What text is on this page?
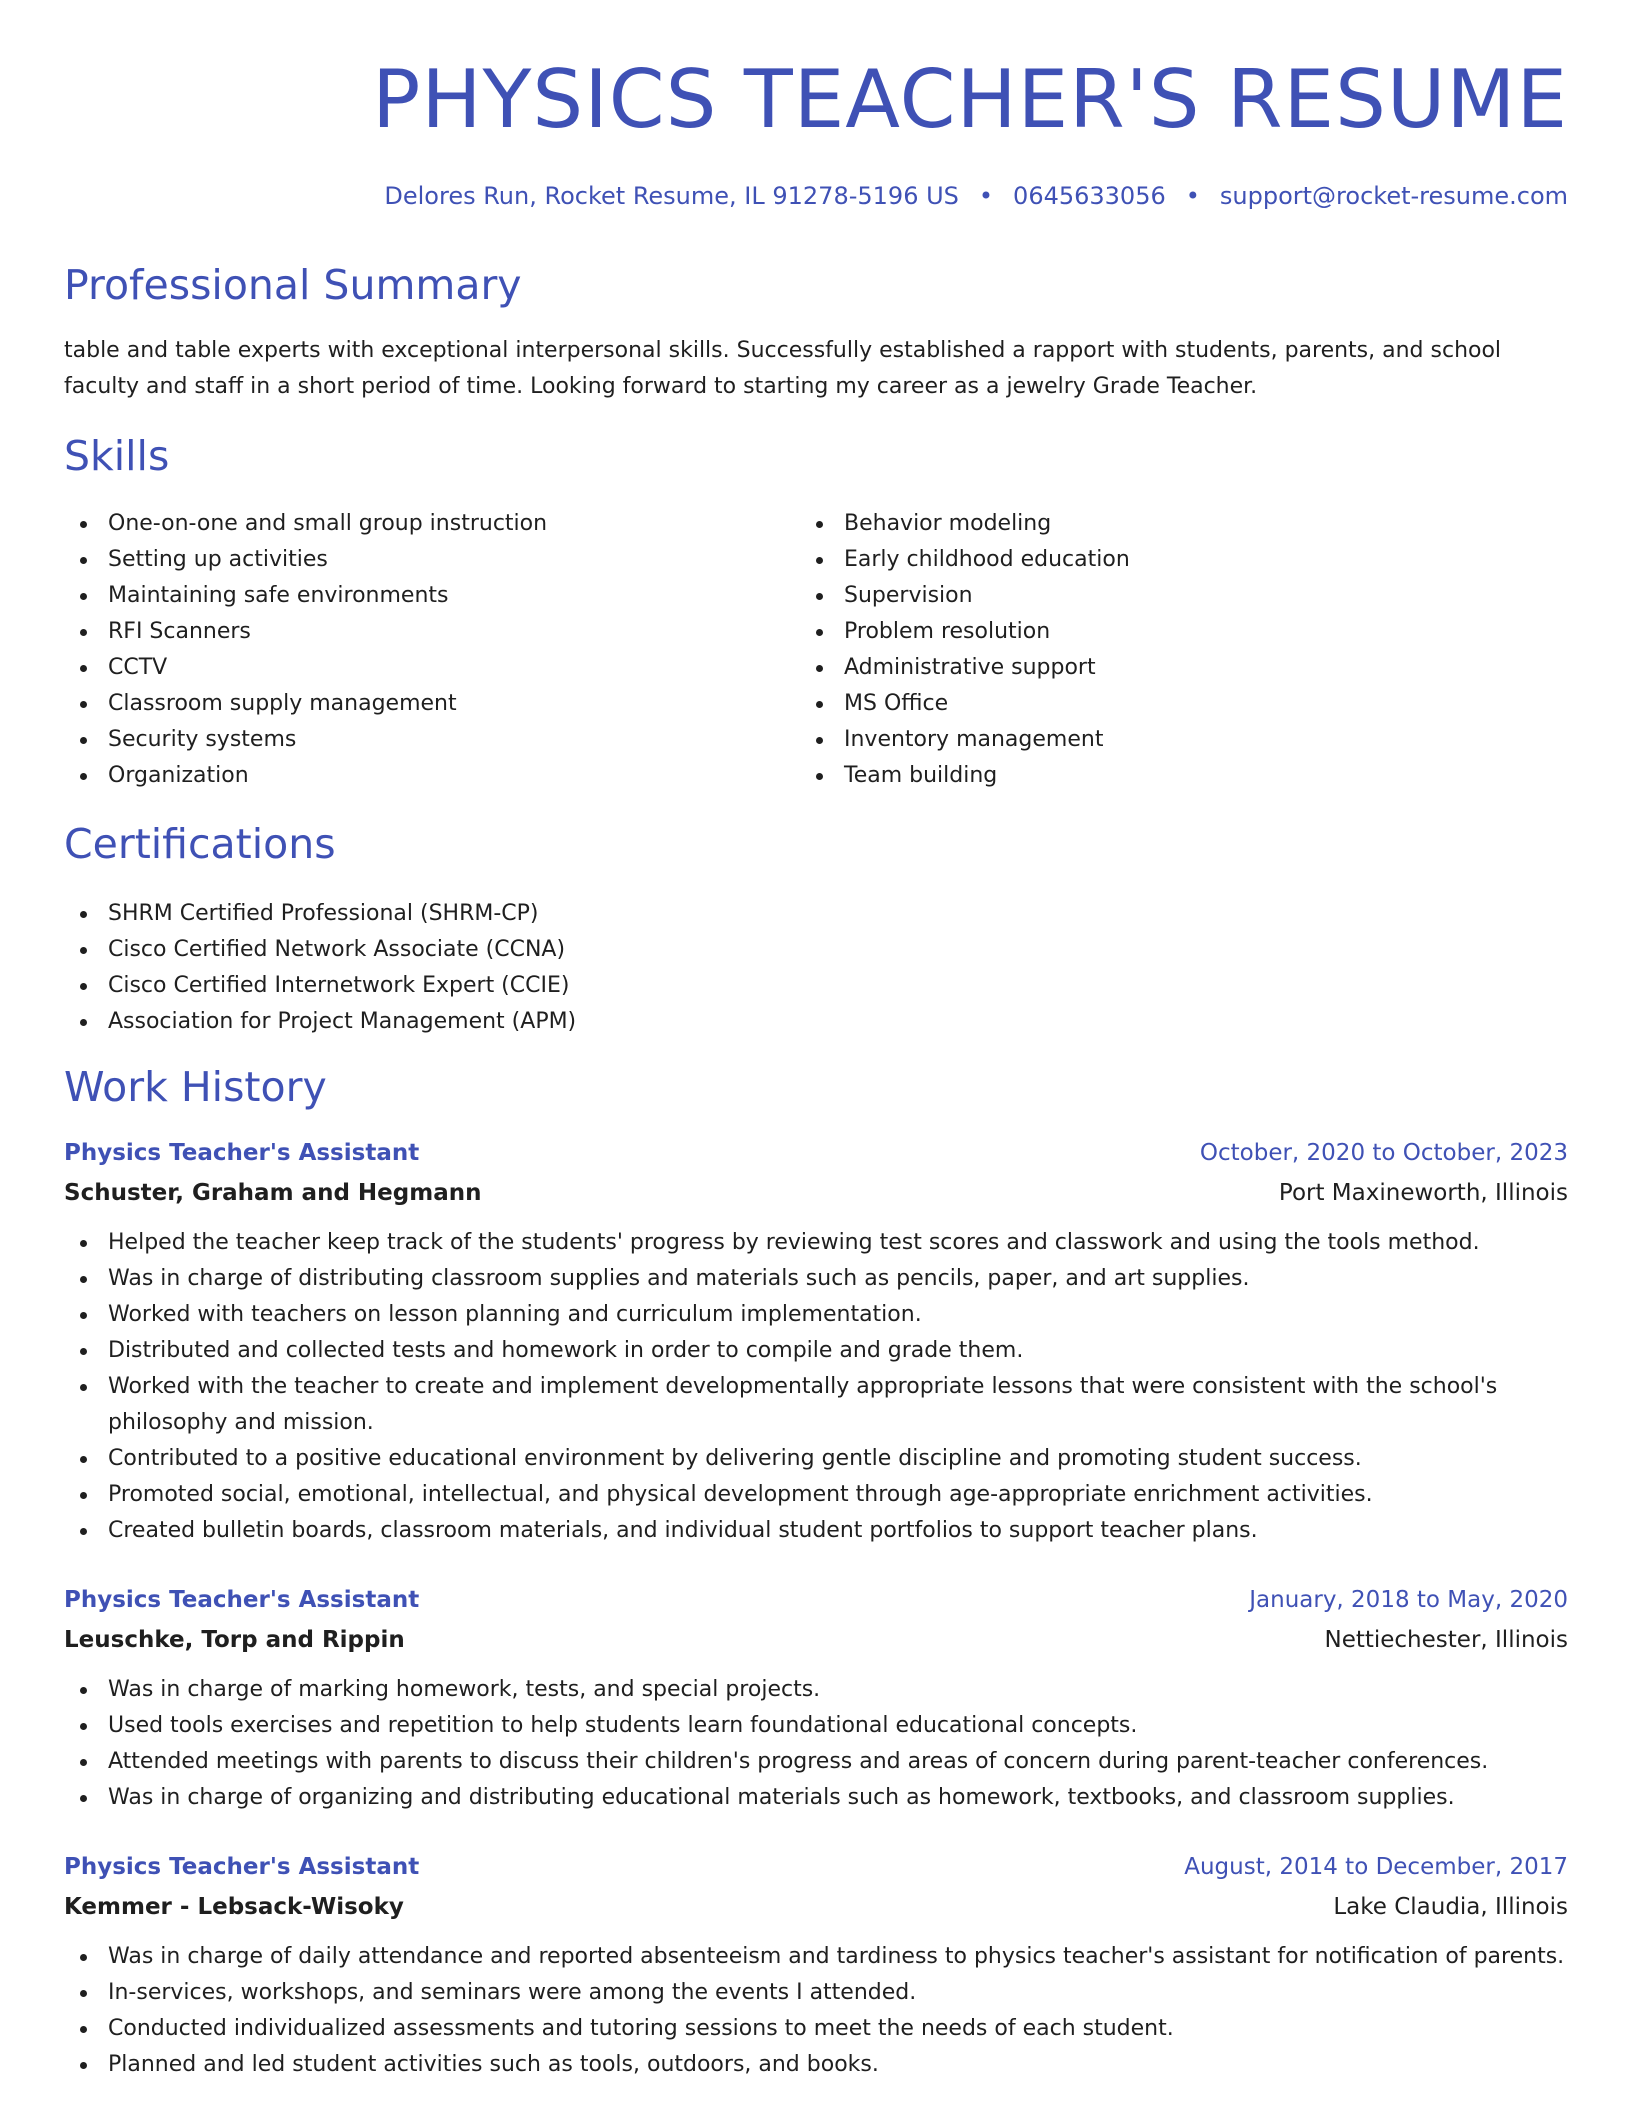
PHYSICS TEACHER'S RESUME
Delores Run, Rocket Resume, IL 91278-5196 US • 0645633056 • support@rocket-resume.com
Professional Summary

table and table experts with exceptional interpersonal skills. Successfully established a rapport with students, parents, and school faculty and staff in a short period of time. Looking forward to starting my career as a jewelry Grade Teacher.

Skills
One-on-one and small group instruction
Setting up activities
Maintaining safe environments
RFI Scanners
CCTV
Classroom supply management
Security systems
Organization
Behavior modeling
Early childhood education
Supervision
Problem resolution
Administrative support
MS Office
Inventory management
Team building
Certifications
SHRM Certified Professional (SHRM-CP)
Cisco Certified Network Associate (CCNA)
Cisco Certified Internetwork Expert (CCIE)
Association for Project Management (APM)
Work History
Physics Teacher's Assistant	October, 2020 to October, 2023
Schuster, Graham and Hegmann	Port Maxineworth, Illinois
Helped the teacher keep track of the students' progress by reviewing test scores and classwork and using the tools method.
Was in charge of distributing classroom supplies and materials such as pencils, paper, and art supplies.
Worked with teachers on lesson planning and curriculum implementation.
Distributed and collected tests and homework in order to compile and grade them.
Worked with the teacher to create and implement developmentally appropriate lessons that were consistent with the school's philosophy and mission.
Contributed to a positive educational environment by delivering gentle discipline and promoting student success.
Promoted social, emotional, intellectual, and physical development through age-appropriate enrichment activities.
Created bulletin boards, classroom materials, and individual student portfolios to support teacher plans.
Physics Teacher's Assistant	January, 2018 to May, 2020
Leuschke, Torp and Rippin	Nettiechester, Illinois
Was in charge of marking homework, tests, and special projects.
Used tools exercises and repetition to help students learn foundational educational concepts.
Attended meetings with parents to discuss their children's progress and areas of concern during parent-teacher conferences.
Was in charge of organizing and distributing educational materials such as homework, textbooks, and classroom supplies.
Physics Teacher's Assistant	August, 2014 to December, 2017
Kemmer - Lebsack-Wisoky	Lake Claudia, Illinois
Was in charge of daily attendance and reported absenteeism and tardiness to physics teacher's assistant for notification of parents.
In-services, workshops, and seminars were among the events I attended.
Conducted individualized assessments and tutoring sessions to meet the needs of each student.
Planned and led student activities such as tools, outdoors, and books.
